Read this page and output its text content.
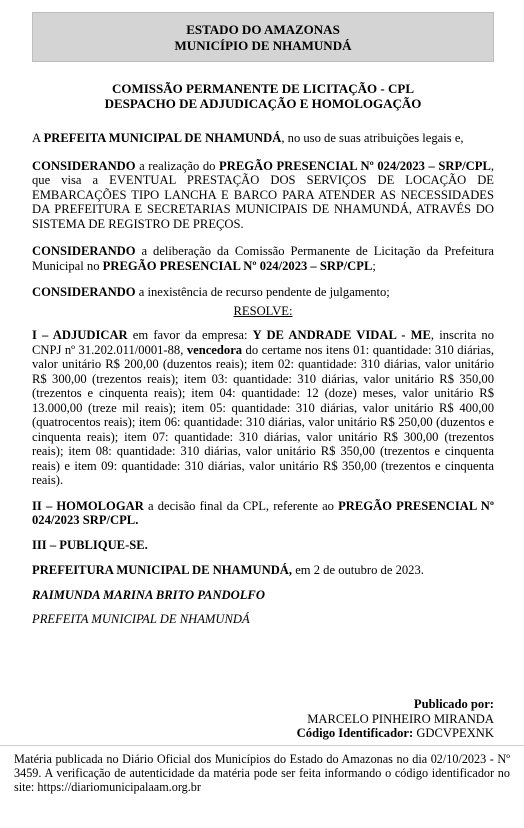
ESTADO DO AMAZONAS
MUNICÍPIO DE NHAMUNDÁ
COMISSÃO PERMANENTE DE LICITAÇÃO - CPL
DESPACHO DE ADJUDICAÇÃO E HOMOLOGAÇÃO

A PREFEITA MUNICIPAL DE NHAMUNDÁ, no uso de suas atribuições legais e,

CONSIDERANDO a realização do PREGÃO PRESENCIAL Nº 024/2023 – SRP/CPL, que visa a EVENTUAL PRESTAÇÃO DOS SERVIÇOS DE LOCAÇÃO DE EMBARCAÇÕES TIPO LANCHA E BARCO PARA ATENDER AS NECESSIDADES DA PREFEITURA E SECRETARIAS MUNICIPAIS DE NHAMUNDÁ, ATRAVÉS DO SISTEMA DE REGISTRO DE PREÇOS.

CONSIDERANDO a deliberação da Comissão Permanente de Licitação da Prefeitura Municipal no PREGÃO PRESENCIAL Nº 024/2023 – SRP/CPL;

CONSIDERANDO a inexistência de recurso pendente de julgamento;

RESOLVE:

I – ADJUDICAR em favor da empresa: Y DE ANDRADE VIDAL - ME, inscrita no CNPJ nº 31.202.011/0001-88, vencedora do certame nos itens 01: quantidade: 310 diárias, valor unitário R$ 200,00 (duzentos reais); item 02: quantidade: 310 diárias, valor unitário R$ 300,00 (trezentos reais); item 03: quantidade: 310 diárias, valor unitário R$ 350,00 (trezentos e cinquenta reais); item 04: quantidade: 12 (doze) meses, valor unitário R$ 13.000,00 (treze mil reais); item 05: quantidade: 310 diárias, valor unitário R$ 400,00 (quatrocentos reais); item 06: quantidade: 310 diárias, valor unitário R$ 250,00 (duzentos e cinquenta reais); item 07: quantidade: 310 diárias, valor unitário R$ 300,00 (trezentos reais); item 08: quantidade: 310 diárias, valor unitário R$ 350,00 (trezentos e cinquenta reais) e item 09: quantidade: 310 diárias, valor unitário R$ 350,00 (trezentos e cinquenta reais).

II – HOMOLOGAR a decisão final da CPL, referente ao PREGÃO PRESENCIAL Nº 024/2023 SRP/CPL.

III – PUBLIQUE-SE.

PREFEITURA MUNICIPAL DE NHAMUNDÁ, em 2 de outubro de 2023.

RAIMUNDA MARINA BRITO PANDOLFO

PREFEITA MUNICIPAL DE NHAMUNDÁ

Publicado por:
MARCELO PINHEIRO MIRANDA
Código Identificador: GDCVPEXNK
Matéria publicada no Diário Oficial dos Municípios do Estado do Amazonas no dia 02/10/2023 - Nº 3459. A verificação de autenticidade da matéria pode ser feita informando o código identificador no site: https://diariomunicipalaam.org.br
